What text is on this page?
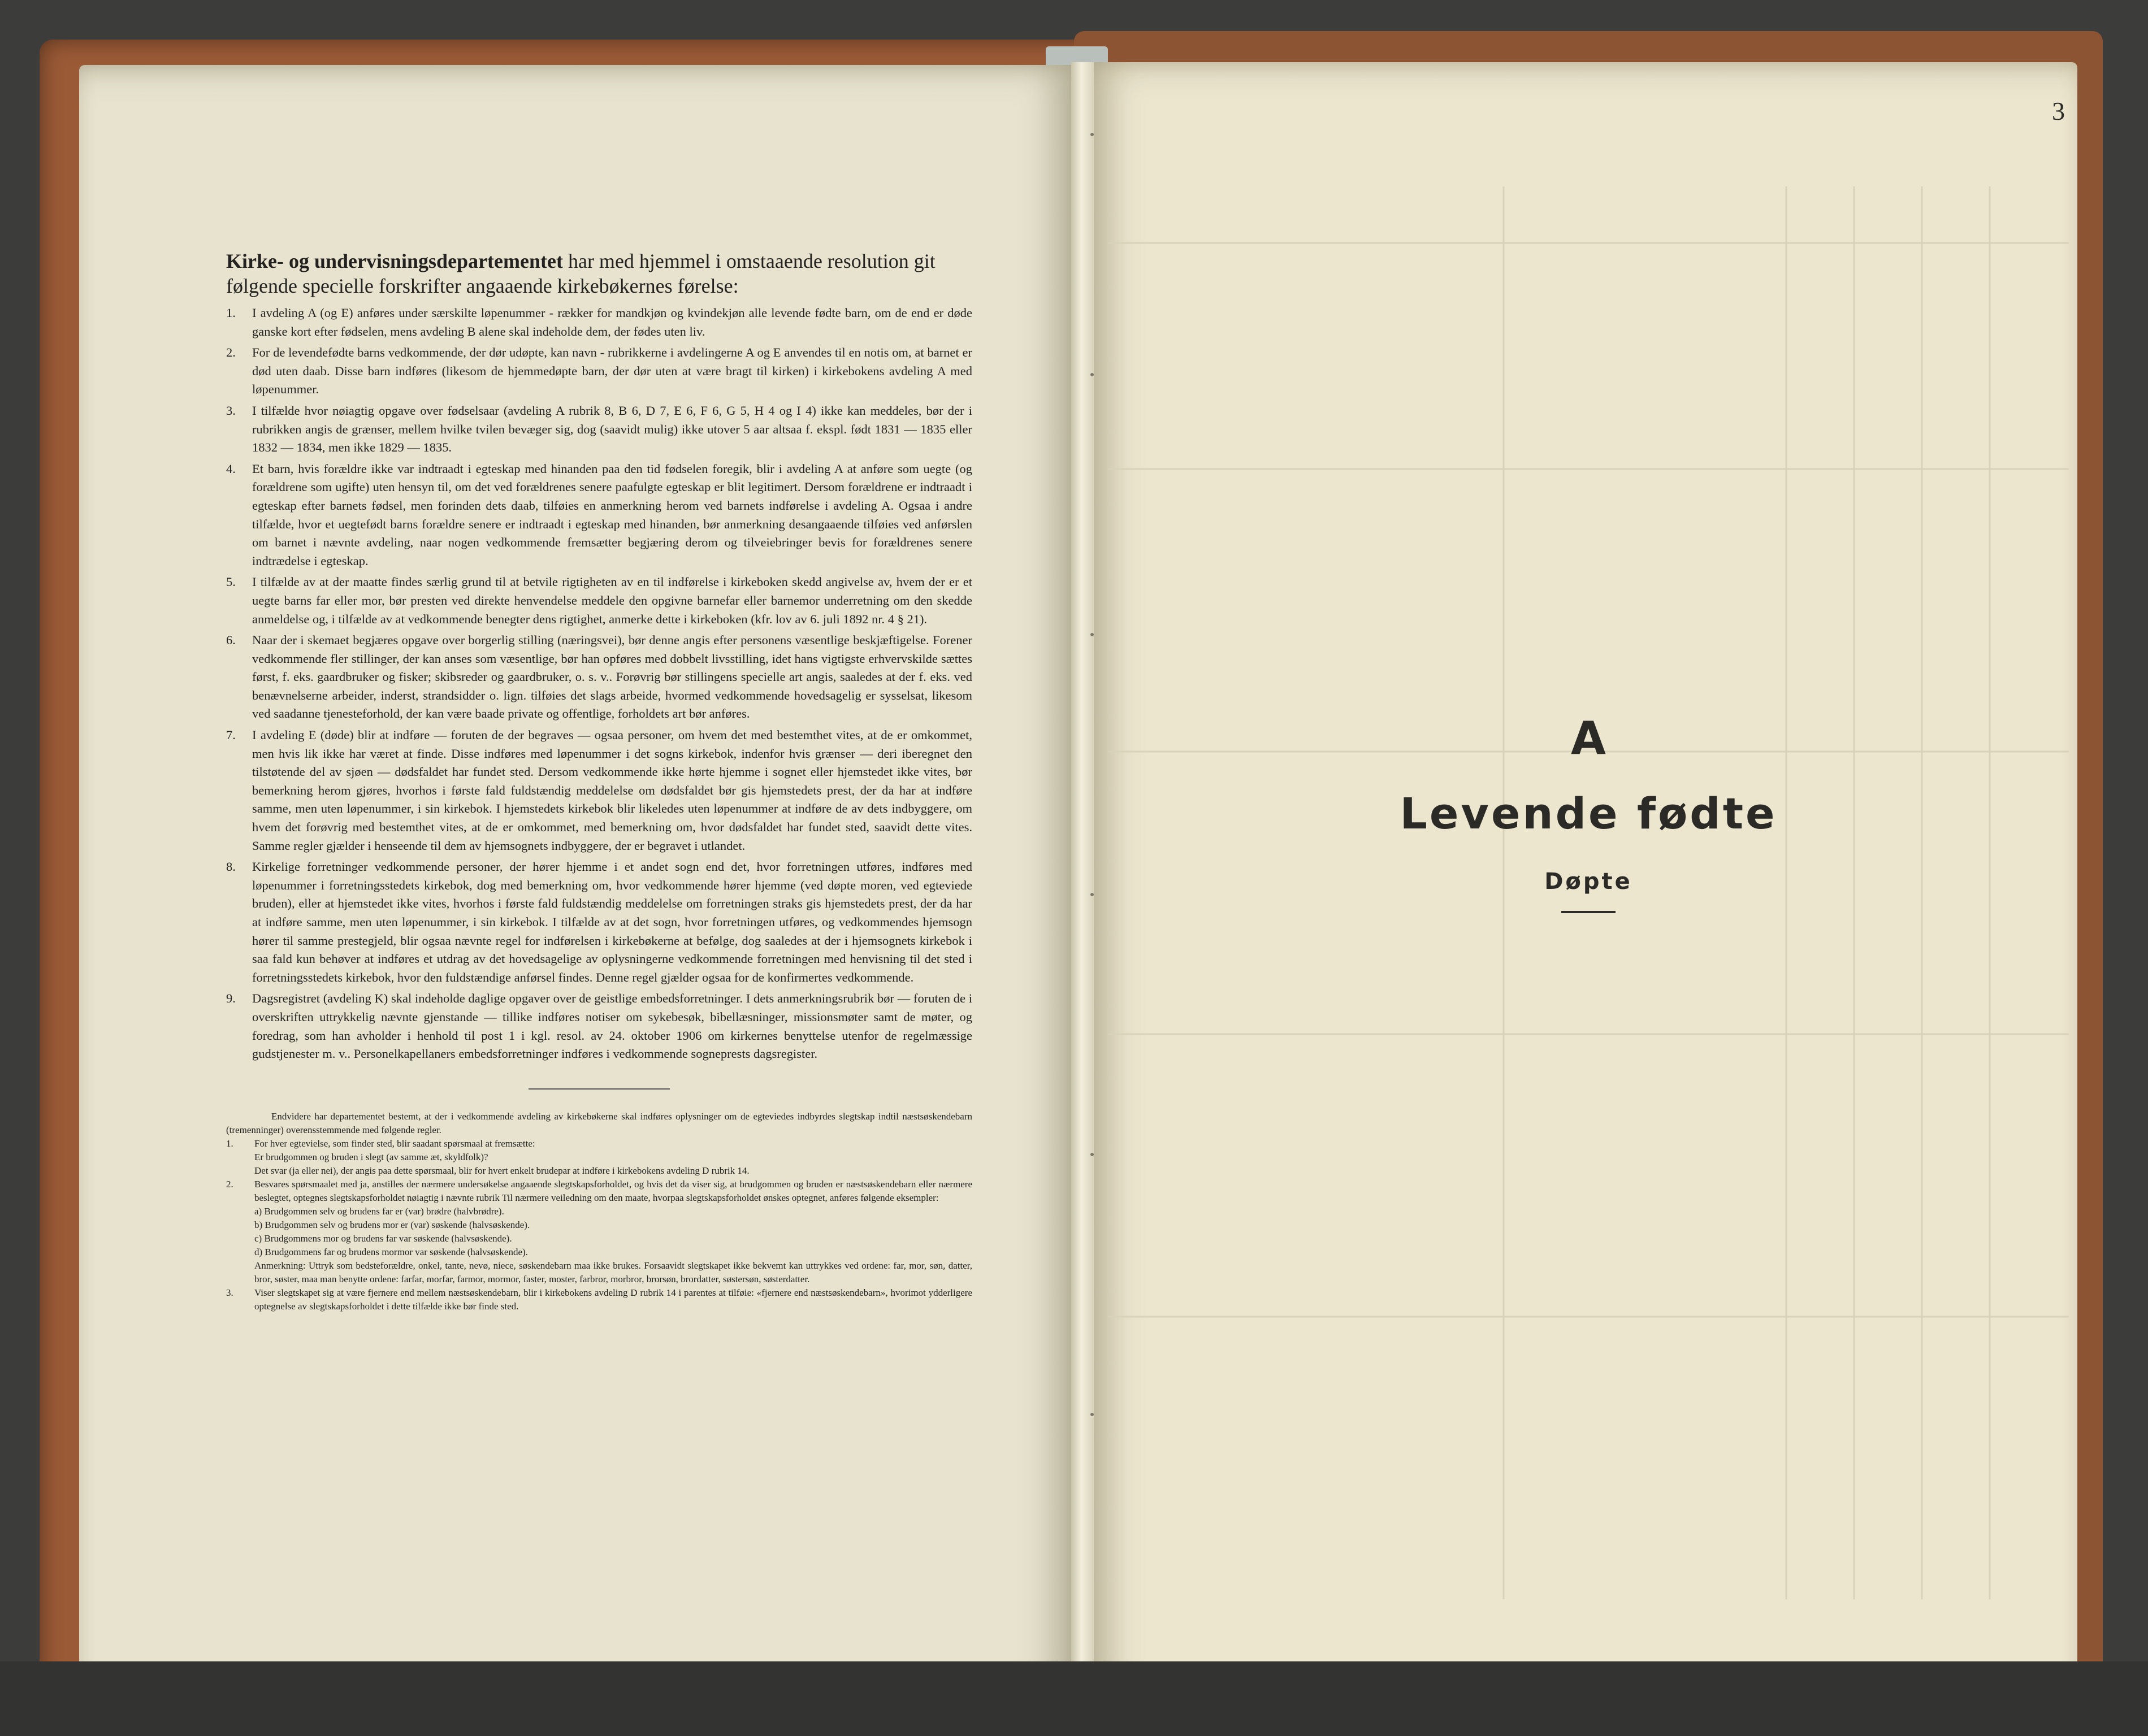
Kirke- og undervisningsdepartementet har med hjemmel i omstaaende resolution git følgende specielle forskrifter angaaende kirkebøkernes førelse:

1.	I avdeling A (og E) anføres under særskilte løpenummer - rækker for mandkjøn og kvindekjøn alle levende fødte barn, om de end er døde ganske kort efter fødselen, mens avdeling B alene skal indeholde dem, der fødes uten liv.
2.	For de levendefødte barns vedkommende, der dør udøpte, kan navn - rubrikkerne i avdelingerne A og E anvendes til en notis om, at barnet er død uten daab. Disse barn indføres (likesom de hjemmedøpte barn, der dør uten at være bragt til kirken) i kirkebokens avdeling A med løpenummer.
3.	I tilfælde hvor nøiagtig opgave over fødselsaar (avdeling A rubrik 8, B 6, D 7, E 6, F 6, G 5, H 4 og I 4) ikke kan meddeles, bør der i rubrikken angis de grænser, mellem hvilke tvilen bevæger sig, dog (saavidt mulig) ikke utover 5 aar altsaa f. ekspl. født 1831 — 1835 eller 1832 — 1834, men ikke 1829 — 1835.
4.	Et barn, hvis forældre ikke var indtraadt i egteskap med hinanden paa den tid fødselen foregik, blir i avdeling A at anføre som uegte (og forældrene som ugifte) uten hensyn til, om det ved forældrenes senere paafulgte egteskap er blit legitimert. Dersom forældrene er indtraadt i egteskap efter barnets fødsel, men forinden dets daab, tilføies en anmerkning herom ved barnets indførelse i avdeling A. Ogsaa i andre tilfælde, hvor et uegtefødt barns forældre senere er indtraadt i egteskap med hinanden, bør anmerkning desangaaende tilføies ved anførslen om barnet i nævnte avdeling, naar nogen vedkommende fremsætter begjæring derom og tilveiebringer bevis for forældrenes senere indtrædelse i egteskap.
5.	I tilfælde av at der maatte findes særlig grund til at betvile rigtigheten av en til indførelse i kirkeboken skedd angivelse av, hvem der er et uegte barns far eller mor, bør presten ved direkte henvendelse meddele den opgivne barnefar eller barnemor underretning om den skedde anmeldelse og, i tilfælde av at vedkommende benegter dens rigtighet, anmerke dette i kirkeboken (kfr. lov av 6. juli 1892 nr. 4 § 21).
6.	Naar der i skemaet begjæres opgave over borgerlig stilling (næringsvei), bør denne angis efter personens væsentlige beskjæftigelse. Forener vedkommende fler stillinger, der kan anses som væsentlige, bør han opføres med dobbelt livsstilling, idet hans vigtigste erhvervskilde sættes først, f. eks. gaardbruker og fisker; skibsreder og gaardbruker, o. s. v.. Forøvrig bør stillingens specielle art angis, saaledes at der f. eks. ved benævnelserne arbeider, inderst, strandsidder o. lign. tilføies det slags arbeide, hvormed vedkommende hovedsagelig er sysselsat, likesom ved saadanne tjenesteforhold, der kan være baade private og offentlige, forholdets art bør anføres.
7.	I avdeling E (døde) blir at indføre — foruten de der begraves — ogsaa personer, om hvem det med bestemthet vites, at de er omkommet, men hvis lik ikke har været at finde. Disse indføres med løpenummer i det sogns kirkebok, indenfor hvis grænser — deri iberegnet den tilstøtende del av sjøen — dødsfaldet har fundet sted. Dersom vedkommende ikke hørte hjemme i sognet eller hjemstedet ikke vites, bør bemerkning herom gjøres, hvorhos i første fald fuldstændig meddelelse om dødsfaldet bør gis hjemstedets prest, der da har at indføre samme, men uten løpenummer, i sin kirkebok. I hjemstedets kirkebok blir likeledes uten løpenummer at indføre de av dets indbyggere, om hvem det forøvrig med bestemthet vites, at de er omkommet, med bemerkning om, hvor dødsfaldet har fundet sted, saavidt dette vites. Samme regler gjælder i henseende til dem av hjemsognets indbyggere, der er begravet i utlandet.
8.	Kirkelige forretninger vedkommende personer, der hører hjemme i et andet sogn end det, hvor forretningen utføres, indføres med løpenummer i forretningsstedets kirkebok, dog med bemerkning om, hvor vedkommende hører hjemme (ved døpte moren, ved egteviede bruden), eller at hjemstedet ikke vites, hvorhos i første fald fuldstændig meddelelse om forretningen straks gis hjemstedets prest, der da har at indføre samme, men uten løpenummer, i sin kirkebok. I tilfælde av at det sogn, hvor forretningen utføres, og vedkommendes hjemsogn hører til samme prestegjeld, blir ogsaa nævnte regel for indførelsen i kirkebøkerne at befølge, dog saaledes at der i hjemsognets kirkebok i saa fald kun behøver at indføres et utdrag av det hovedsagelige av oplysningerne vedkommende forretningen med henvisning til det sted i forretningsstedets kirkebok, hvor den fuldstændige anførsel findes. Denne regel gjælder ogsaa for de konfirmertes vedkommende.
9.	Dagsregistret (avdeling K) skal indeholde daglige opgaver over de geistlige embedsforretninger. I dets anmerkningsrubrik bør — foruten de i overskriften uttrykkelig nævnte gjenstande — tillike indføres notiser om sykebesøk, bibellæsninger, missionsmøter samt de møter, og foredrag, som han avholder i henhold til post 1 i kgl. resol. av 24. oktober 1906 om kirkernes benyttelse utenfor de regelmæssige gudstjenester m. v.. Personelkapellaners embedsforretninger indføres i vedkommende sogneprests dagsregister.

Endvidere har departementet bestemt, at der i vedkommende avdeling av kirkebøkerne skal indføres oplysninger om de egteviedes indbyrdes slegtskap indtil næstsøskendebarn (tremenninger) overensstemmende med følgende regler.

1.	For hver egtevielse, som finder sted, blir saadant spørsmaal at fremsætte:
Er brudgommen og bruden i slegt (av samme æt, skyldfolk)?
Det svar (ja eller nei), der angis paa dette spørsmaal, blir for hvert enkelt brudepar at indføre i kirkebokens avdeling D rubrik 14.
2.	Besvares spørsmaalet med ja, anstilles der nærmere undersøkelse angaaende slegtskapsforholdet, og hvis det da viser sig, at brudgommen og bruden er næstsøskendebarn eller nærmere beslegtet, optegnes slegtskapsforholdet nøiagtig i nævnte rubrik Til nærmere veiledning om den maate, hvorpaa slegtskapsforholdet ønskes optegnet, anføres følgende eksempler:
a) Brudgommen selv og brudens far er (var) brødre (halvbrødre).
b) Brudgommen selv og brudens mor er (var) søskende (halvsøskende).
c) Brudgommens mor og brudens far var søskende (halvsøskende).
d) Brudgommens far og brudens mormor var søskende (halvsøskende).
Anmerkning: Uttryk som bedsteforældre, onkel, tante, nevø, niece, søskendebarn maa ikke brukes. Forsaavidt slegtskapet ikke bekvemt kan uttrykkes ved ordene: far, mor, søn, datter, bror, søster, maa man benytte ordene: farfar, morfar, farmor, mormor, faster, moster, farbror, morbror, brorsøn, brordatter, søstersøn, søsterdatter.
3.	Viser slegtskapet sig at være fjernere end mellem næstsøskendebarn, blir i kirkebokens avdeling D rubrik 14 i parentes at tilføie: «fjernere end næstsøskendebarn», hvorimot ydderligere optegnelse av slegtskapsforholdet i dette tilfælde ikke bør finde sted.
3
A
Levende fødte
Døpte
